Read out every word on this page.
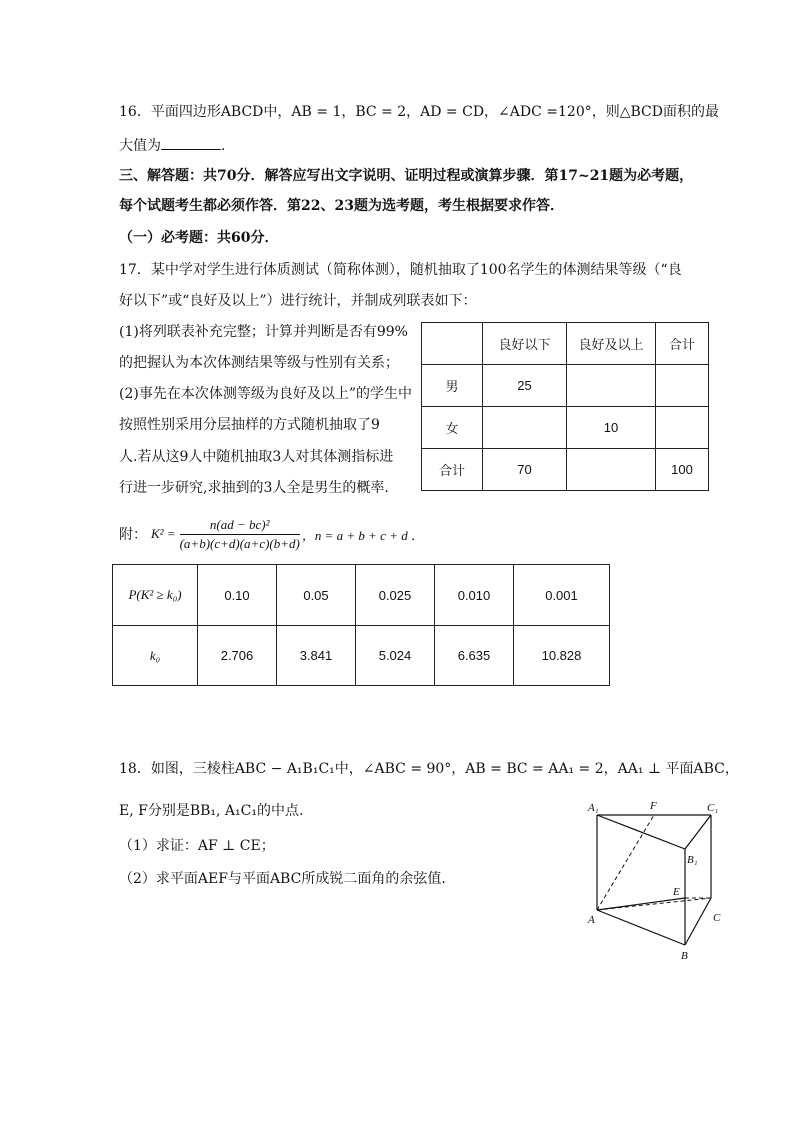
16．平面四边形ABCD中，AB = 1，BC = 2，AD = CD，∠ADC =120°，则△BCD面积的最
大值为	.
三、解答题：共70分．解答应写出文字说明、证明过程或演算步骤．第17~21题为必考题，
每个试题考生都必须作答．第22、23题为选考题，考生根据要求作答．
（一）必考题：共60分．
17．某中学对学生进行体质测试（简称体测），随机抽取了100名学生的体测结果等级（“良
好以下”或“良好及以上”）进行统计，并制成列联表如下：
(1)将列联表补充完整；计算并判断是否有99%
的把握认为本次体测结果等级与性别有关系；
(2)事先在本次体测等级为良好及以上”的学生中
按照性别采用分层抽样的方式随机抽取了9
人.若从这9人中随机抽取3人对其体测指标进
行进一步研究,求抽到的3人全是男生的概率.
	良好以下	良好及以上	合计
男	25		
女		10	
合计	70		100
附： $K^2 = \frac{\text{n(ad − bc)²}}{(a+b)(c+d)(a+c)(b+d)}$ ，n = a + b + c + d ．
P(K² ≥ k₀)	0.10	0.05	0.025	0.010	0.001
k₀	2.706	3.841	5.024	6.635	10.828
18．如图，三棱柱ABC − A₁B₁C₁中，∠ABC = 90°，AB = BC = AA₁ = 2，AA₁ ⊥ 平面ABC，
E, F分别是BB₁, A₁C₁的中点.
（1）求证：AF ⊥ CE；
（2）求平面AEF与平面ABC所成锐二面角的余弦值.
A₁	F	C₁
B₁
E
A	C
B
